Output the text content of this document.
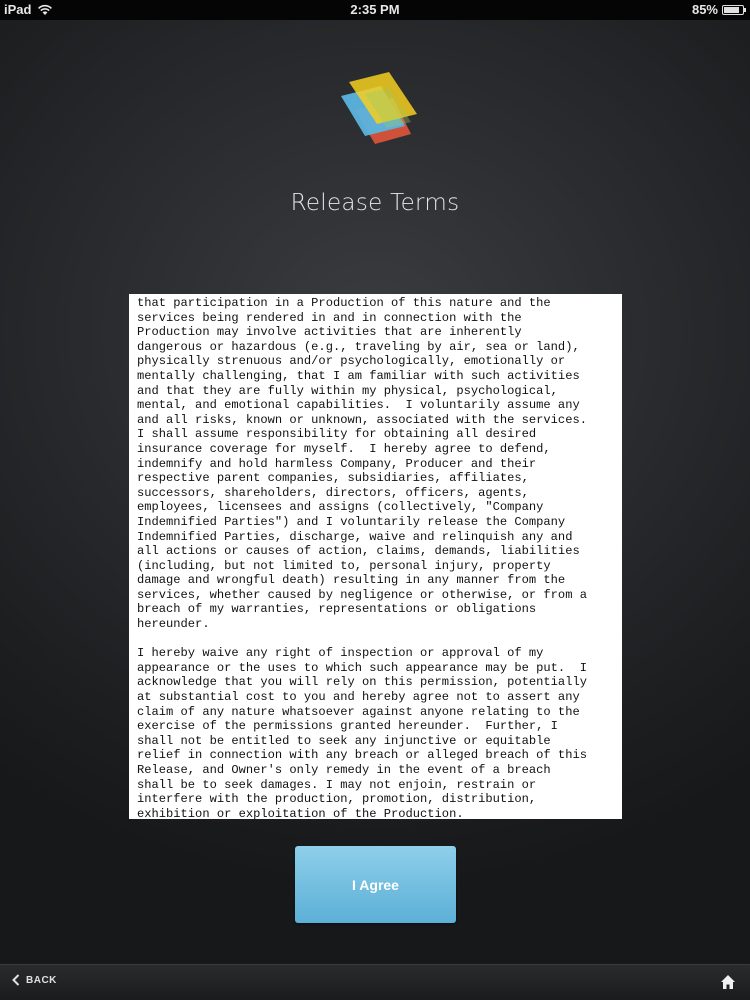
iPad	2:35 PM	85%
Release Terms
that participation in a Production of this nature and the
services being rendered in and in connection with the
Production may involve activities that are inherently
dangerous or hazardous (e.g., traveling by air, sea or land),
physically strenuous and/or psychologically, emotionally or
mentally challenging, that I am familiar with such activities
and that they are fully within my physical, psychological,
mental, and emotional capabilities.  I voluntarily assume any
and all risks, known or unknown, associated with the services.
I shall assume responsibility for obtaining all desired
insurance coverage for myself.  I hereby agree to defend,
indemnify and hold harmless Company, Producer and their
respective parent companies, subsidiaries, affiliates,
successors, shareholders, directors, officers, agents,
employees, licensees and assigns (collectively, "Company
Indemnified Parties") and I voluntarily release the Company
Indemnified Parties, discharge, waive and relinquish any and
all actions or causes of action, claims, demands, liabilities
(including, but not limited to, personal injury, property
damage and wrongful death) resulting in any manner from the
services, whether caused by negligence or otherwise, or from a
breach of my warranties, representations or obligations
hereunder.

I hereby waive any right of inspection or approval of my
appearance or the uses to which such appearance may be put.  I
acknowledge that you will rely on this permission, potentially
at substantial cost to you and hereby agree not to assert any
claim of any nature whatsoever against anyone relating to the
exercise of the permissions granted hereunder.  Further, I
shall not be entitled to seek any injunctive or equitable
relief in connection with any breach or alleged breach of this
Release, and Owner's only remedy in the event of a breach
shall be to seek damages. I may not enjoin, restrain or
interfere with the production, promotion, distribution,
exhibition or exploitation of the Production.
I Agree
BACK
